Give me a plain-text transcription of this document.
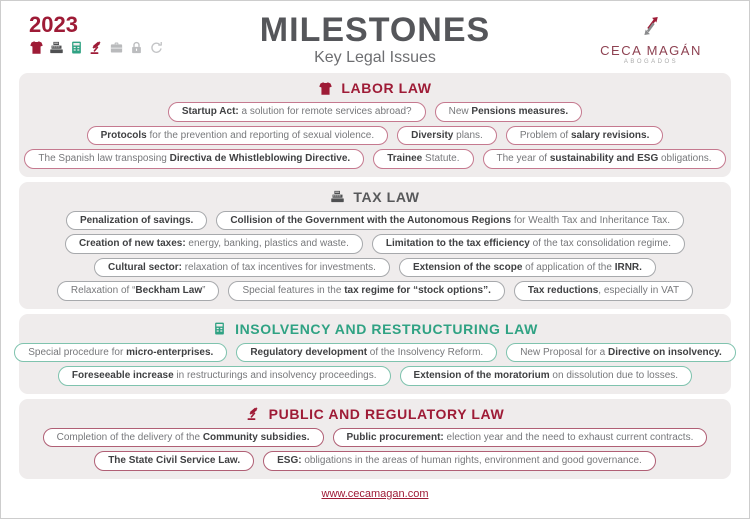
2023	MILESTONES
Key Legal Issues	CECA MAGÁN
ABOGADOS
LABOR LAW
Startup Act: a solution for remote services abroad?	New Pensions measures.
Protocols for the prevention and reporting of sexual violence.	Diversity plans.	Problem of salary revisions.
The Spanish law transposing Directiva de Whistleblowing Directive.	Trainee Statute.	The year of sustainability and ESG obligations.
TAX LAW
Penalization of savings.	Collision of the Government with the Autonomous Regions for Wealth Tax and Inheritance Tax.
Creation of new taxes: energy, banking, plastics and waste.	Limitation to the tax efficiency of the tax consolidation regime.
Cultural sector: relaxation of tax incentives for investments.	Extension of the scope of application of the IRNR.
Relaxation of “Beckham Law”	Special features in the tax regime for “stock options”.	Tax reductions, especially in VAT
INSOLVENCY AND RESTRUCTURING LAW
Special procedure for micro-enterprises.	Regulatory development of the Insolvency Reform.	New Proposal for a Directive on insolvency.
Foreseeable increase in restructurings and insolvency proceedings.	Extension of the moratorium on dissolution due to losses.
PUBLIC AND REGULATORY LAW
Completion of the delivery of the Community subsidies.	Public procurement: election year and the need to exhaust current contracts.
The State Civil Service Law.	ESG: obligations in the areas of human rights, environment and good governance.
www.cecamagan.com
